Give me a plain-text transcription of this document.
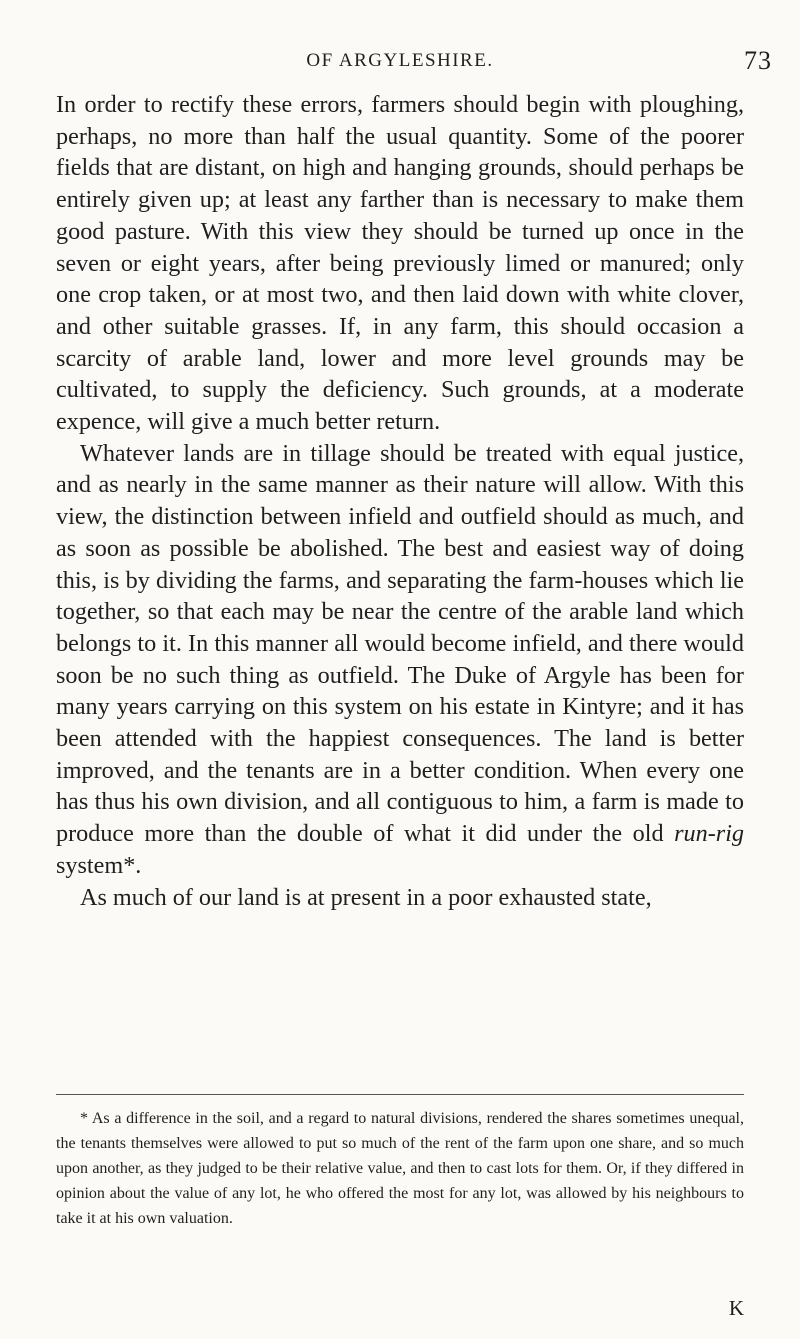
OF ARGYLESHIRE.	73

In order to rectify these errors, farmers should begin with ploughing, perhaps, no more than half the usual quantity. Some of the poorer fields that are distant, on high and hanging grounds, should perhaps be entirely given up; at least any farther than is necessary to make them good pasture. With this view they should be turned up once in the seven or eight years, after being previously limed or manured; only one crop taken, or at most two, and then laid down with white clover, and other suitable grasses. If, in any farm, this should occasion a scarcity of arable land, lower and more level grounds may be cultivated, to supply the deficiency. Such grounds, at a moderate expence, will give a much better return.

Whatever lands are in tillage should be treated with equal justice, and as nearly in the same manner as their nature will allow. With this view, the distinction between infield and outfield should as much, and as soon as possible be abolished. The best and easiest way of doing this, is by dividing the farms, and separating the farm-houses which lie together, so that each may be near the centre of the arable land which belongs to it. In this manner all would become infield, and there would soon be no such thing as outfield. The Duke of Argyle has been for many years carrying on this system on his estate in Kintyre; and it has been attended with the happiest consequences. The land is better improved, and the tenants are in a better condition. When every one has thus his own division, and all contiguous to him, a farm is made to produce more than the double of what it did under the old run-rig system*.

As much of our land is at present in a poor exhausted state,

* As a difference in the soil, and a regard to natural divisions, rendered the shares sometimes unequal, the tenants themselves were allowed to put so much of the rent of the farm upon one share, and so much upon another, as they judged to be their relative value, and then to cast lots for them. Or, if they differed in opinion about the value of any lot, he who offered the most for any lot, was allowed by his neighbours to take it at his own valuation.

K
